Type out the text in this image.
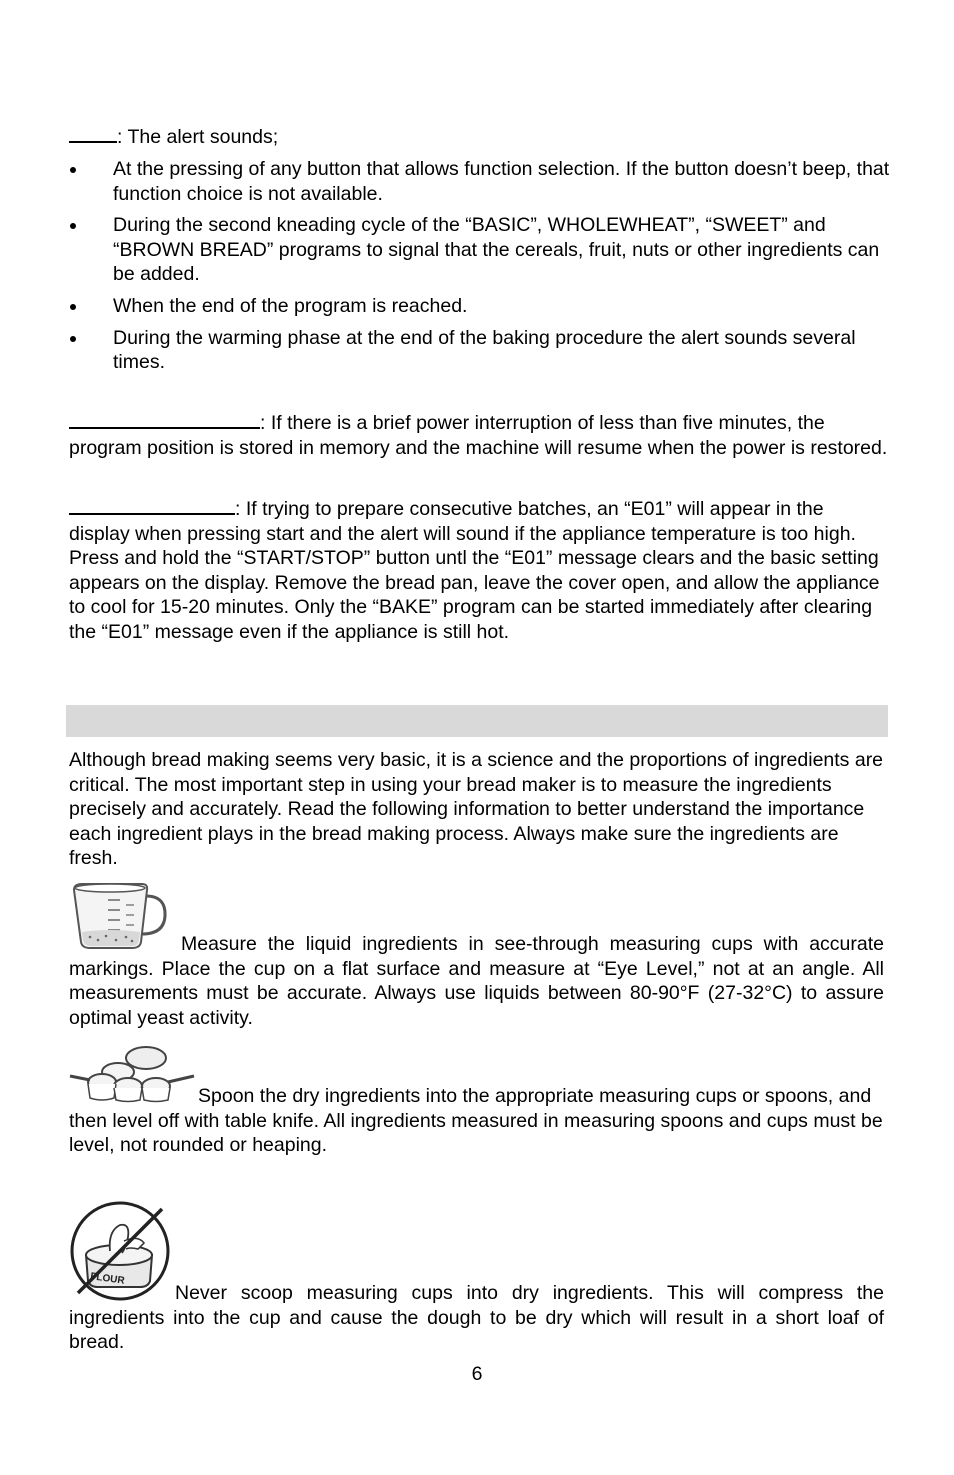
: The alert sounds;

At the pressing of any button that allows function selection. If the button doesn’t beep, that function choice is not available.
During the second kneading cycle of the “BASIC”, WHOLEWHEAT”, “SWEET” and “BROWN BREAD” programs to signal that the cereals, fruit, nuts or other ingredients can be added.
When the end of the program is reached.
During the warming phase at the end of the baking procedure the alert sounds several times.

: If there is a brief power interruption of less than five minutes, the program position is stored in memory and the machine will resume when the power is restored.

: If trying to prepare consecutive batches, an “E01” will appear in the display when pressing start and the alert will sound if the appliance temperature is too high. Press and hold the “START/STOP” button untl the “E01” message clears and the basic setting appears on the display. Remove the bread pan, leave the cover open, and allow the appliance to cool for 15-20 minutes. Only the “BAKE” program can be started immediately after clearing the “E01” message even if the appliance is still hot.

Although bread making seems very basic, it is a science and the proportions of ingredients are critical. The most important step in using your bread maker is to measure the ingredients precisely and accurately. Read the following information to better understand the importance each ingredient plays in the bread making process. Always make sure the ingredients are fresh.

Measure the liquid ingredients in see-through measuring cups with accurate markings. Place the cup on a flat surface and measure at “Eye Level,” not at an angle. All measurements must be accurate. Always use liquids between 80-90°F (27-32°C) to assure optimal yeast activity.

Spoon the dry ingredients into the appropriate measuring cups or spoons, and then level off with table knife. All ingredients measured in measuring spoons and cups must be level, not rounded or heaping.

FLOUR

Never scoop measuring cups into dry ingredients. This will compress the ingredients into the cup and cause the dough to be dry which will result in a short loaf of bread.

6
